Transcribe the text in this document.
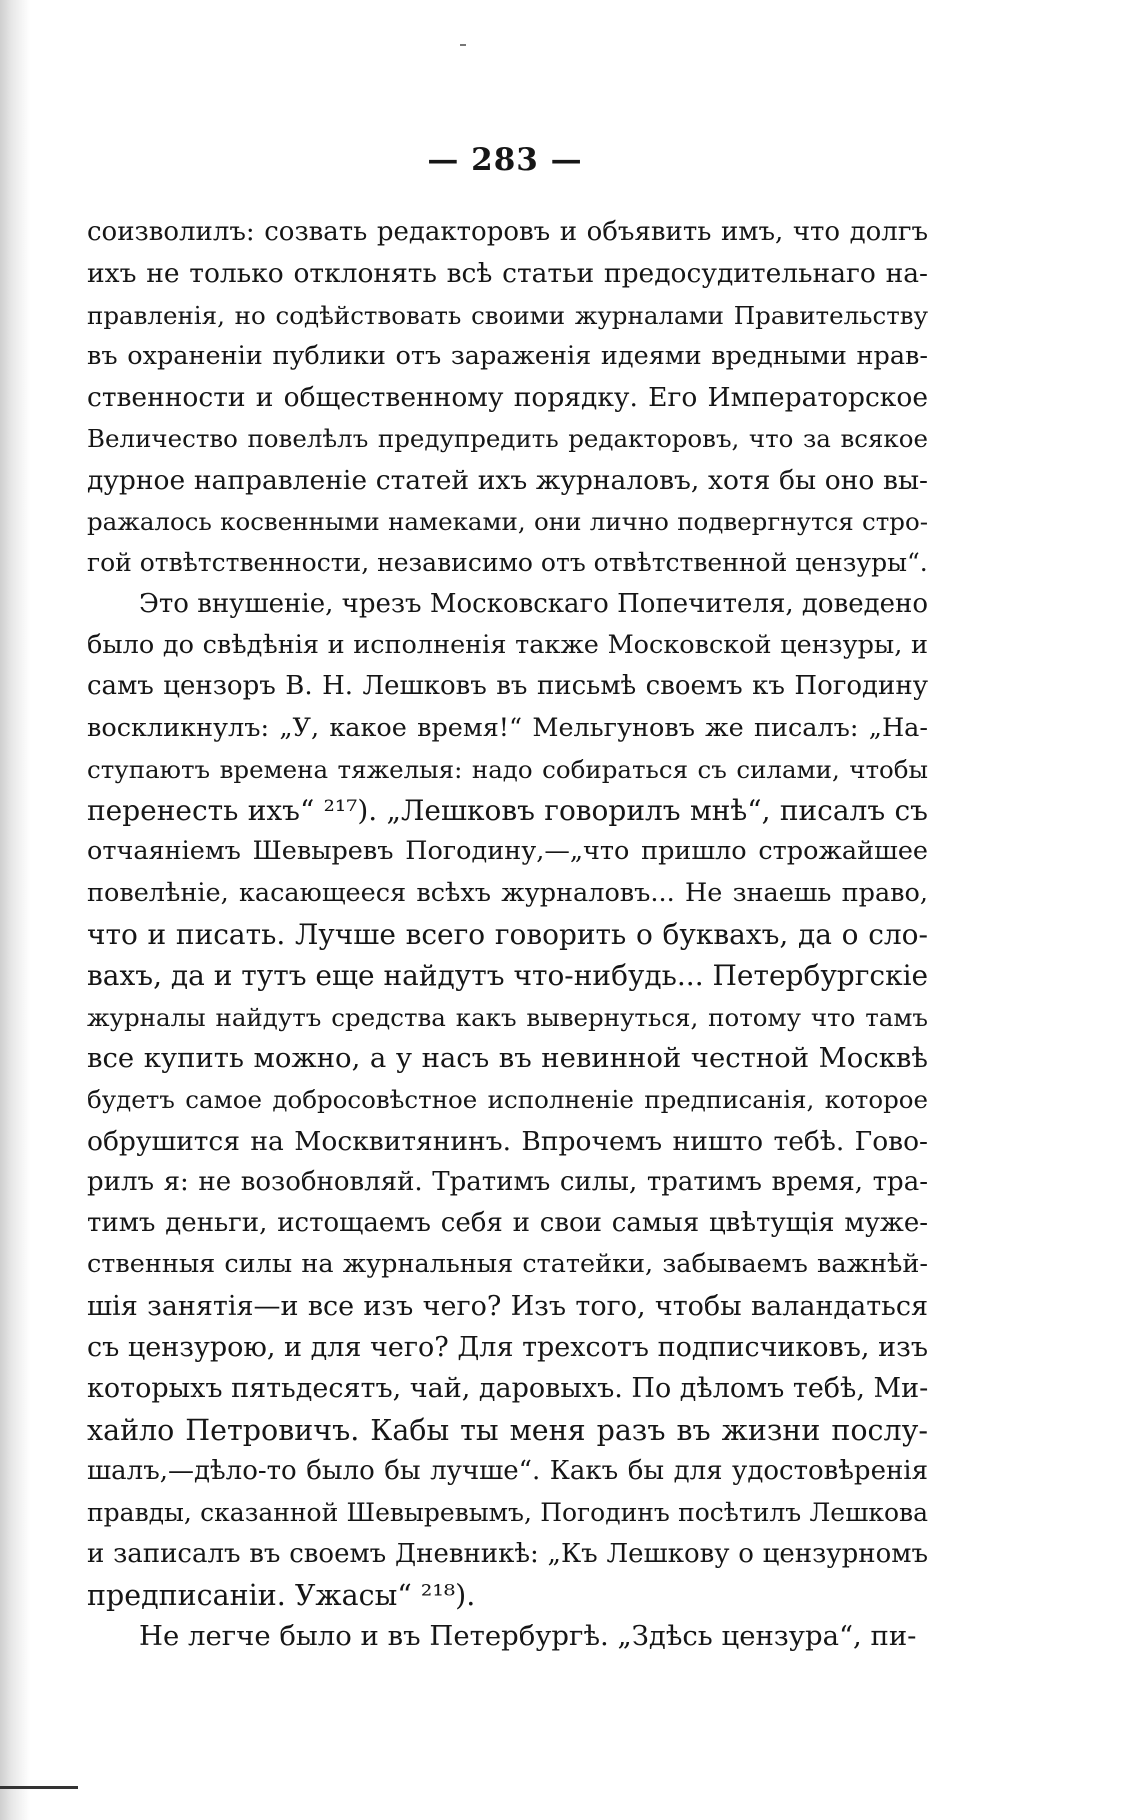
— 283 —
соизволилъ: созвать редакторовъ и объявить имъ, что долгъ
ихъ не только отклонять всѣ статьи предосудительнаго на-
правленія, но содѣйствовать своими журналами Правительству
въ охраненіи публики отъ зараженія идеями вредными нрав-
ственности и общественному порядку. Его Императорское
Величество повелѣлъ предупредить редакторовъ, что за всякое
дурное направленіе статей ихъ журналовъ, хотя бы оно вы-
ражалось косвенными намеками, они лично подвергнутся стро-
гой отвѣтственности, независимо отъ отвѣтственной цензуры“.
Это внушеніе, чрезъ Московскаго Попечителя, доведено
было до свѣдѣнія и исполненія также Московской цензуры, и
самъ цензоръ В. Н. Лешковъ въ письмѣ своемъ къ Погодину
воскликнулъ: „У, какое время!“ Мельгуновъ же писалъ: „На-
ступаютъ времена тяжелыя: надо собираться съ силами, чтобы
перенесть ихъ“ ²¹⁷). „Лешковъ говорилъ мнѣ“, писалъ съ
отчаяніемъ Шевыревъ Погодину,—„что пришло строжайшее
повелѣніе, касающееся всѣхъ журналовъ... Не знаешь право,
что и писать. Лучше всего говорить о буквахъ, да о сло-
вахъ, да и тутъ еще найдутъ что-нибудь... Петербургскіе
журналы найдутъ средства какъ вывернуться, потому что тамъ
все купить можно, а у насъ въ невинной честной Москвѣ
будетъ самое добросовѣстное исполненіе предписанія, которое
обрушится на Москвитянинъ. Впрочемъ ништо тебѣ. Гово-
рилъ я: не возобновляй. Тратимъ силы, тратимъ время, тра-
тимъ деньги, истощаемъ себя и свои самыя цвѣтущія муже-
ственныя силы на журнальныя статейки, забываемъ важнѣй-
шія занятія—и все изъ чего? Изъ того, чтобы валандаться
съ цензурою, и для чего? Для трехсотъ подписчиковъ, изъ
которыхъ пятьдесятъ, чай, даровыхъ. По дѣломъ тебѣ, Ми-
хайло Петровичъ. Кабы ты меня разъ въ жизни послу-
шалъ,—дѣло-то было бы лучше“. Какъ бы для удостовѣренія
правды, сказанной Шевыревымъ, Погодинъ посѣтилъ Лешкова
и записалъ въ своемъ Дневникѣ: „Къ Лешкову о цензурномъ
предписаніи. Ужасы“ ²¹⁸).
Не легче было и въ Петербургѣ. „Здѣсь цензура“, пи-
